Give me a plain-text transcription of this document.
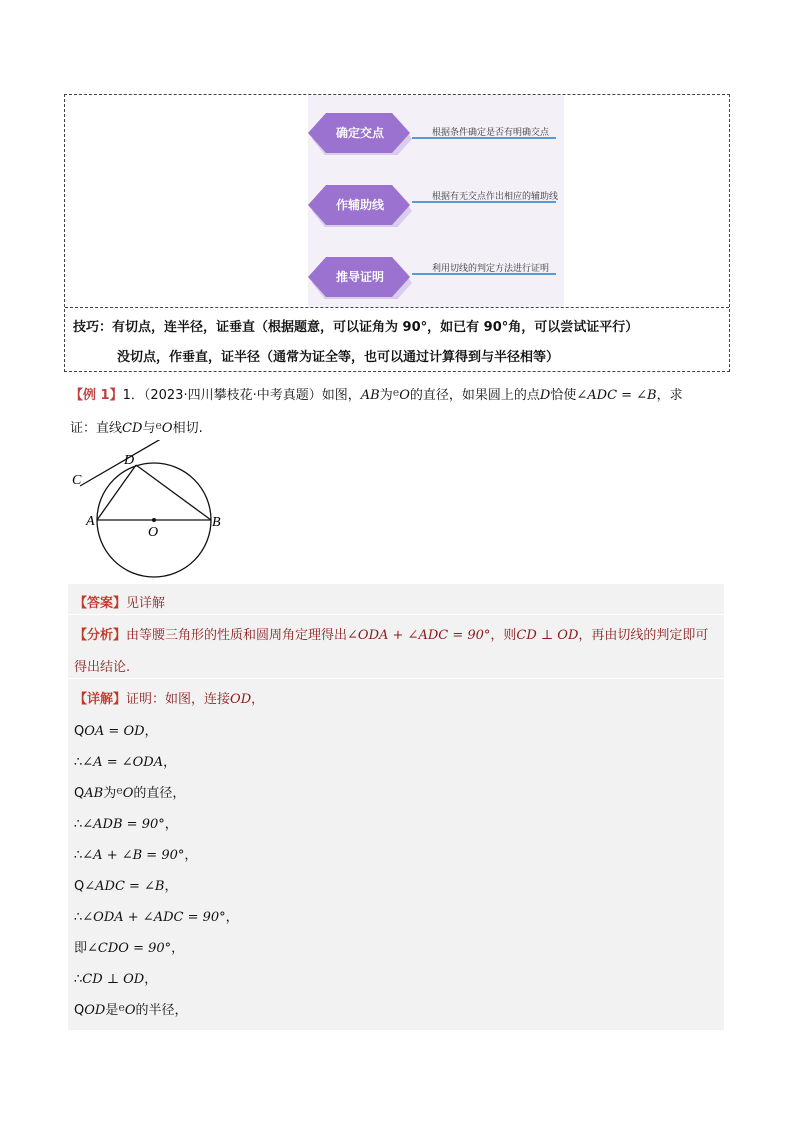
确定交点	根据条件确定是否有明确交点
作辅助线
根据有无交点作出相应的辅助线
推导证明
利用切线的判定方法进行证明
技巧：有切点，连半径，证垂直（根据题意，可以证角为 90°，如已有 90°角，可以尝试证平行）
没切点，作垂直，证半径（通常为证全等，也可以通过计算得到与半径相等）
【例 1】1．（2023·四川攀枝花·中考真题）如图，AB为$^e$O的直径，如果圆上的点D恰使∠ADC = ∠B，求
证：直线CD与$^e$O相切.
C
D
A
O
B
【答案】见详解
【分析】由等腰三角形的性质和圆周角定理得出∠ODA + ∠ADC = 90°，则CD ⊥ OD，再由切线的判定即可
得出结论.
【详解】证明：如图，连接OD，
QOA = OD，
∴∠A = ∠ODA，
QAB为$^e$O的直径，
∴∠ADB = 90°，
∴∠A + ∠B = 90°，
Q∠ADC = ∠B，
∴∠ODA + ∠ADC = 90°，
即∠CDO = 90°，
∴CD ⊥ OD，
QOD是$^e$O的半径，
